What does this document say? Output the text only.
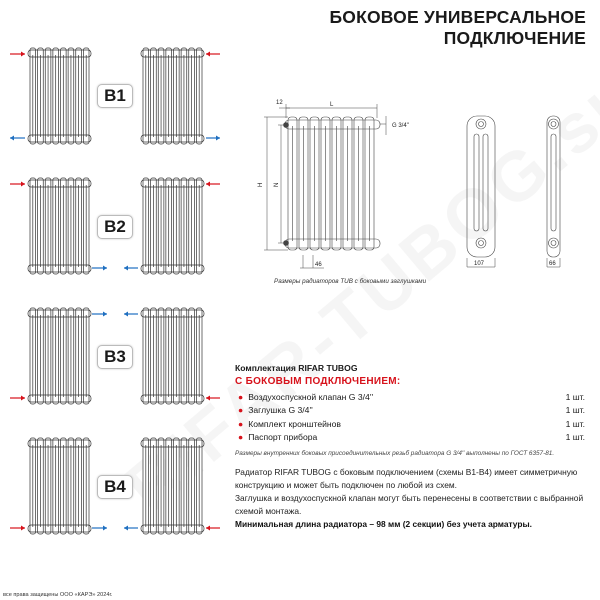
БОКОВОЕ УНИВЕРСАЛЬНОЕ
ПОДКЛЮЧЕНИЕ
B1
B2
B3
B4
12	L
G 3/4''
H N
46	107	66
Размеры радиаторов TUB с боковыми заглушками
Комплектация RIFAR TUBOG
С БОКОВЫМ ПОДКЛЮЧЕНИЕМ:
● Воздухоспускной клапан G 3/4''	1 шт.
● Заглушка G 3/4''	1 шт.
● Комплект кронштейнов	1 шт.
● Паспорт прибора	1 шт.
Размеры внутренних боковых присоединительных резьб радиатора G 3/4'' выполнены по ГОСТ 6357-81.
Радиатор RIFAR TUBOG с боковым подключением (схемы B1-B4) имеет симметричную конструкцию и может быть подключен по любой из схем.
Заглушка и воздухоспускной клапан могут быть перенесены в соответствии с выбранной схемой монтажа.
Минимальная длина радиатора – 98 мм (2 секции) без учета арматуры.
все права защищены ООО «КАРЭ» 2024г.
